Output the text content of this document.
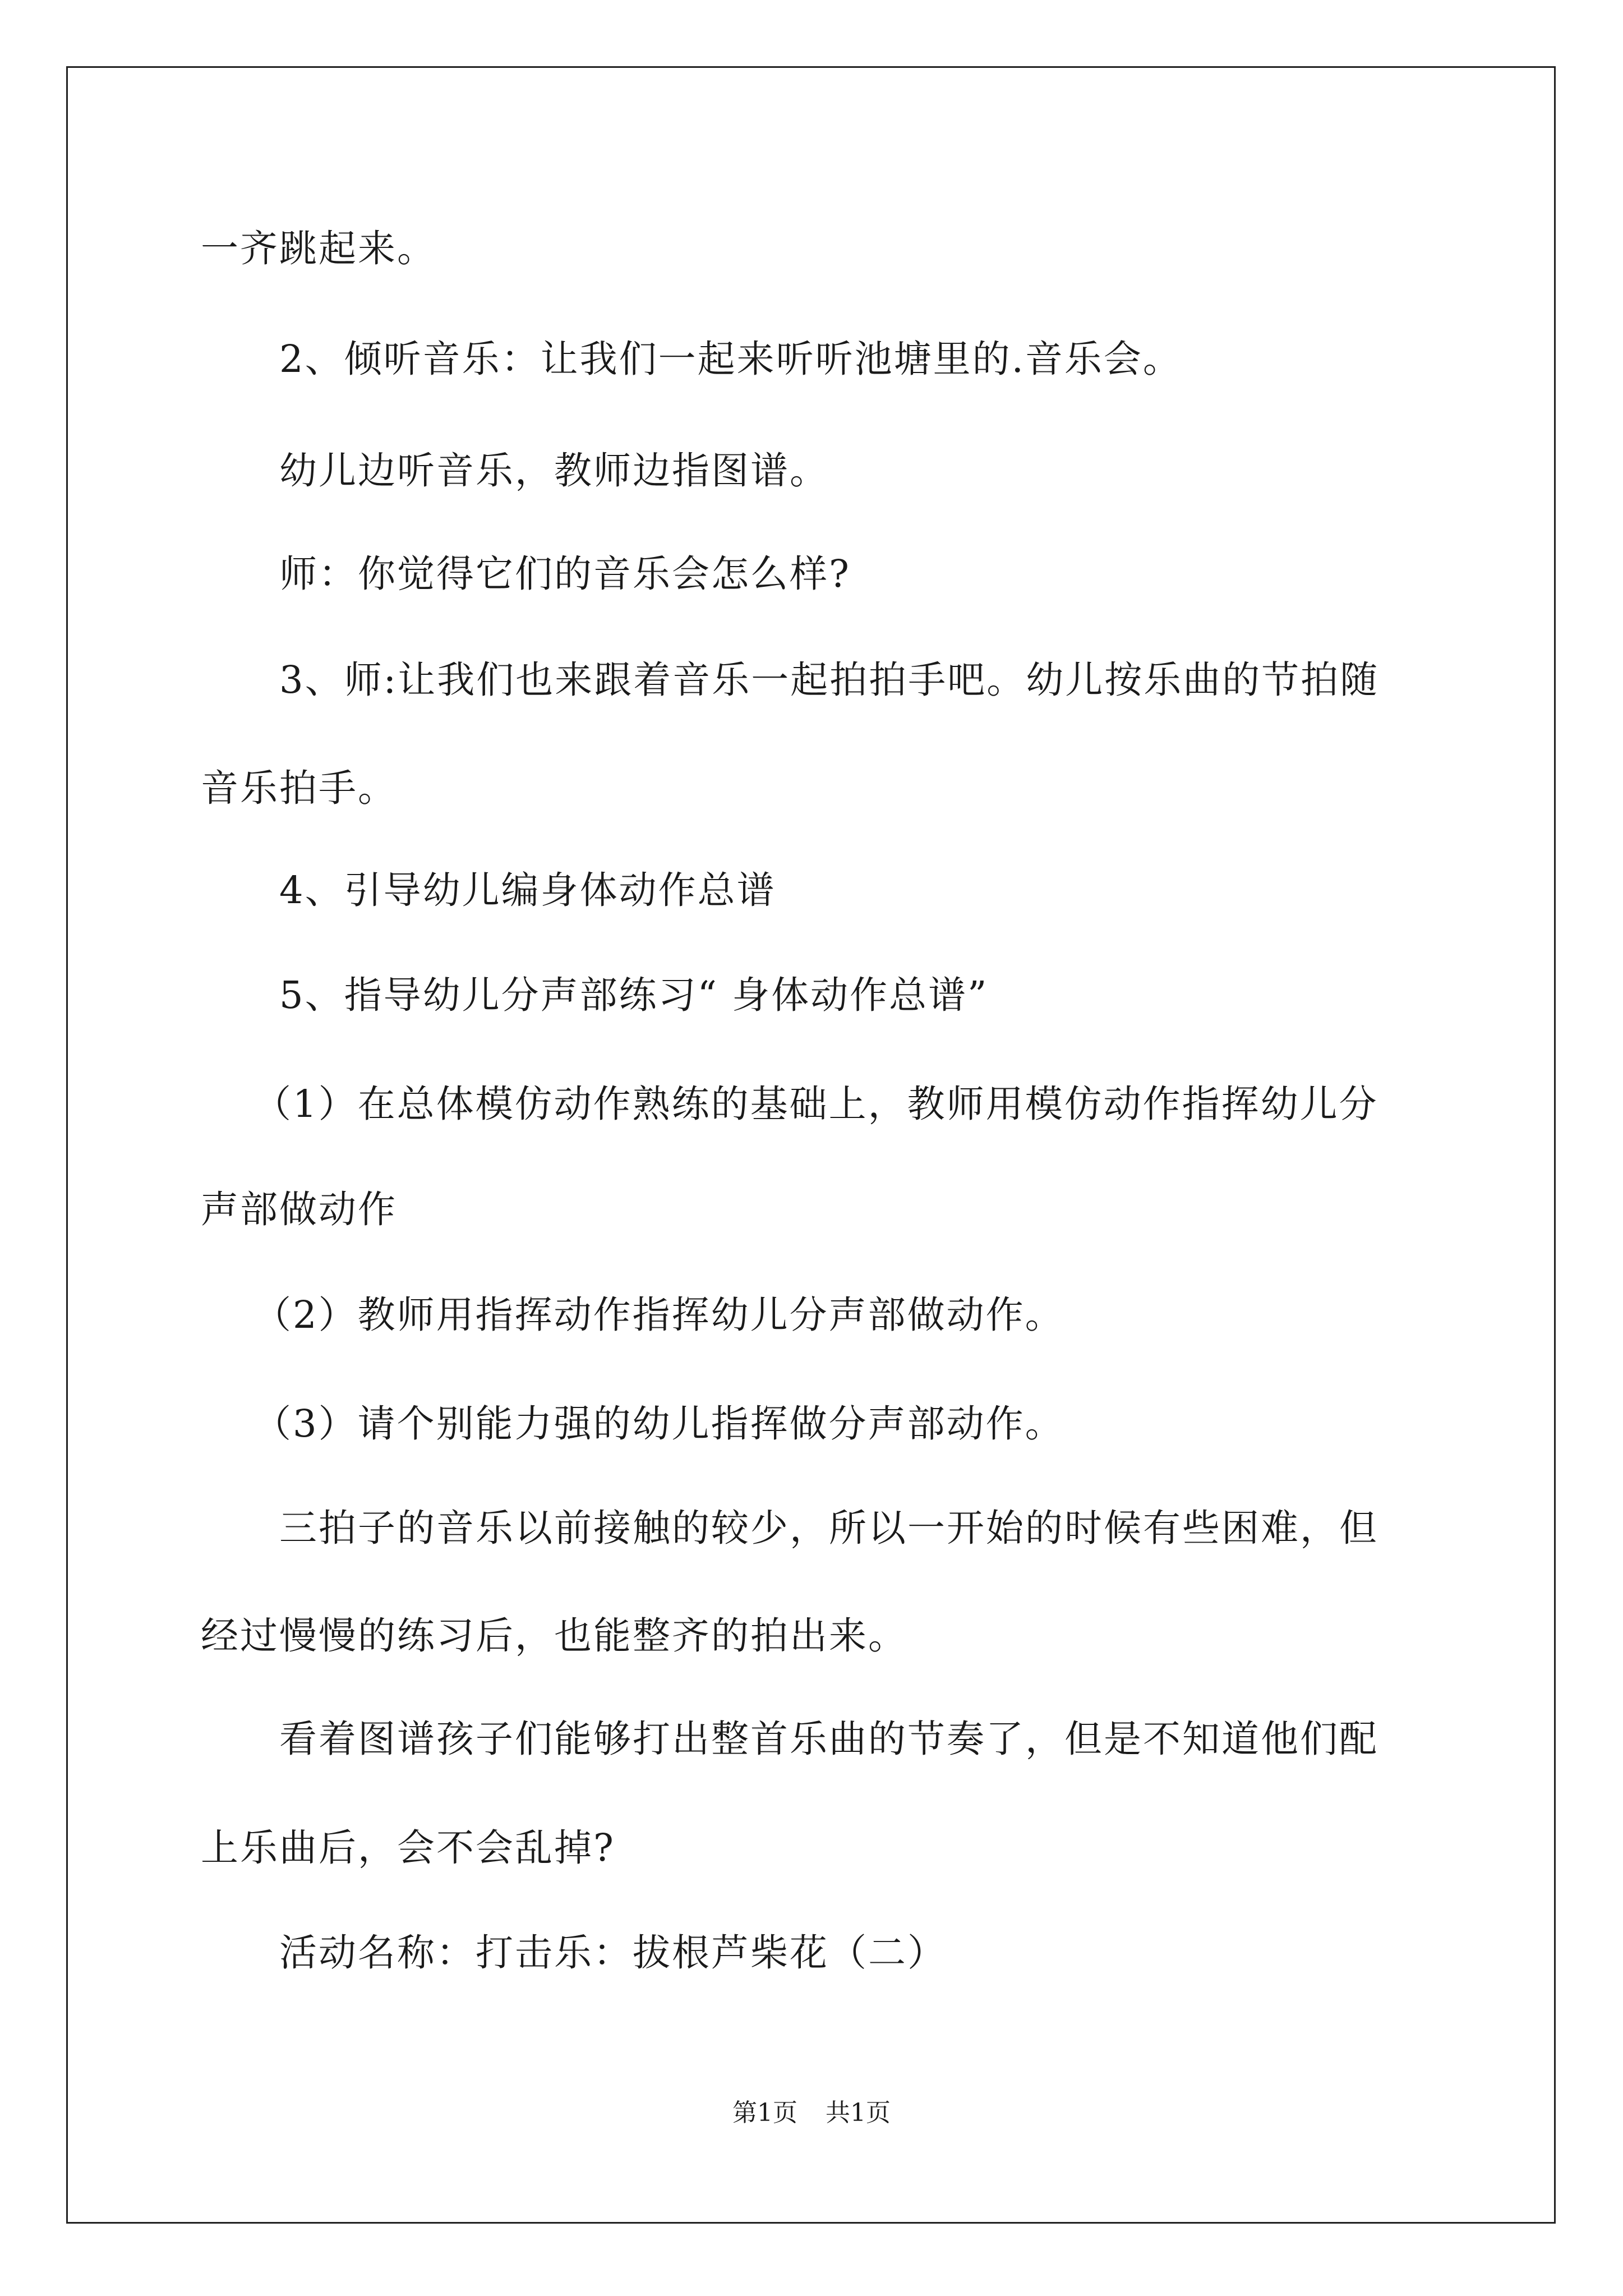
一齐跳起来。

2、倾听音乐：让我们一起来听听池塘里的.音乐会。

幼儿边听音乐，教师边指图谱。

师：你觉得它们的音乐会怎么样?

3、师:让我们也来跟着音乐一起拍拍手吧。幼儿按乐曲的节拍随

音乐拍手。

4、引导幼儿编身体动作总谱

5、指导幼儿分声部练习“ 身体动作总谱”

（1）在总体模仿动作熟练的基础上，教师用模仿动作指挥幼儿分

声部做动作

（2）教师用指挥动作指挥幼儿分声部做动作。

（3）请个别能力强的幼儿指挥做分声部动作。

三拍子的音乐以前接触的较少，所以一开始的时候有些困难，但

经过慢慢的练习后，也能整齐的拍出来。

看着图谱孩子们能够打出整首乐曲的节奏了，但是不知道他们配

上乐曲后，会不会乱掉?

活动名称：打击乐：拔根芦柴花（二）

第1页 共1页
